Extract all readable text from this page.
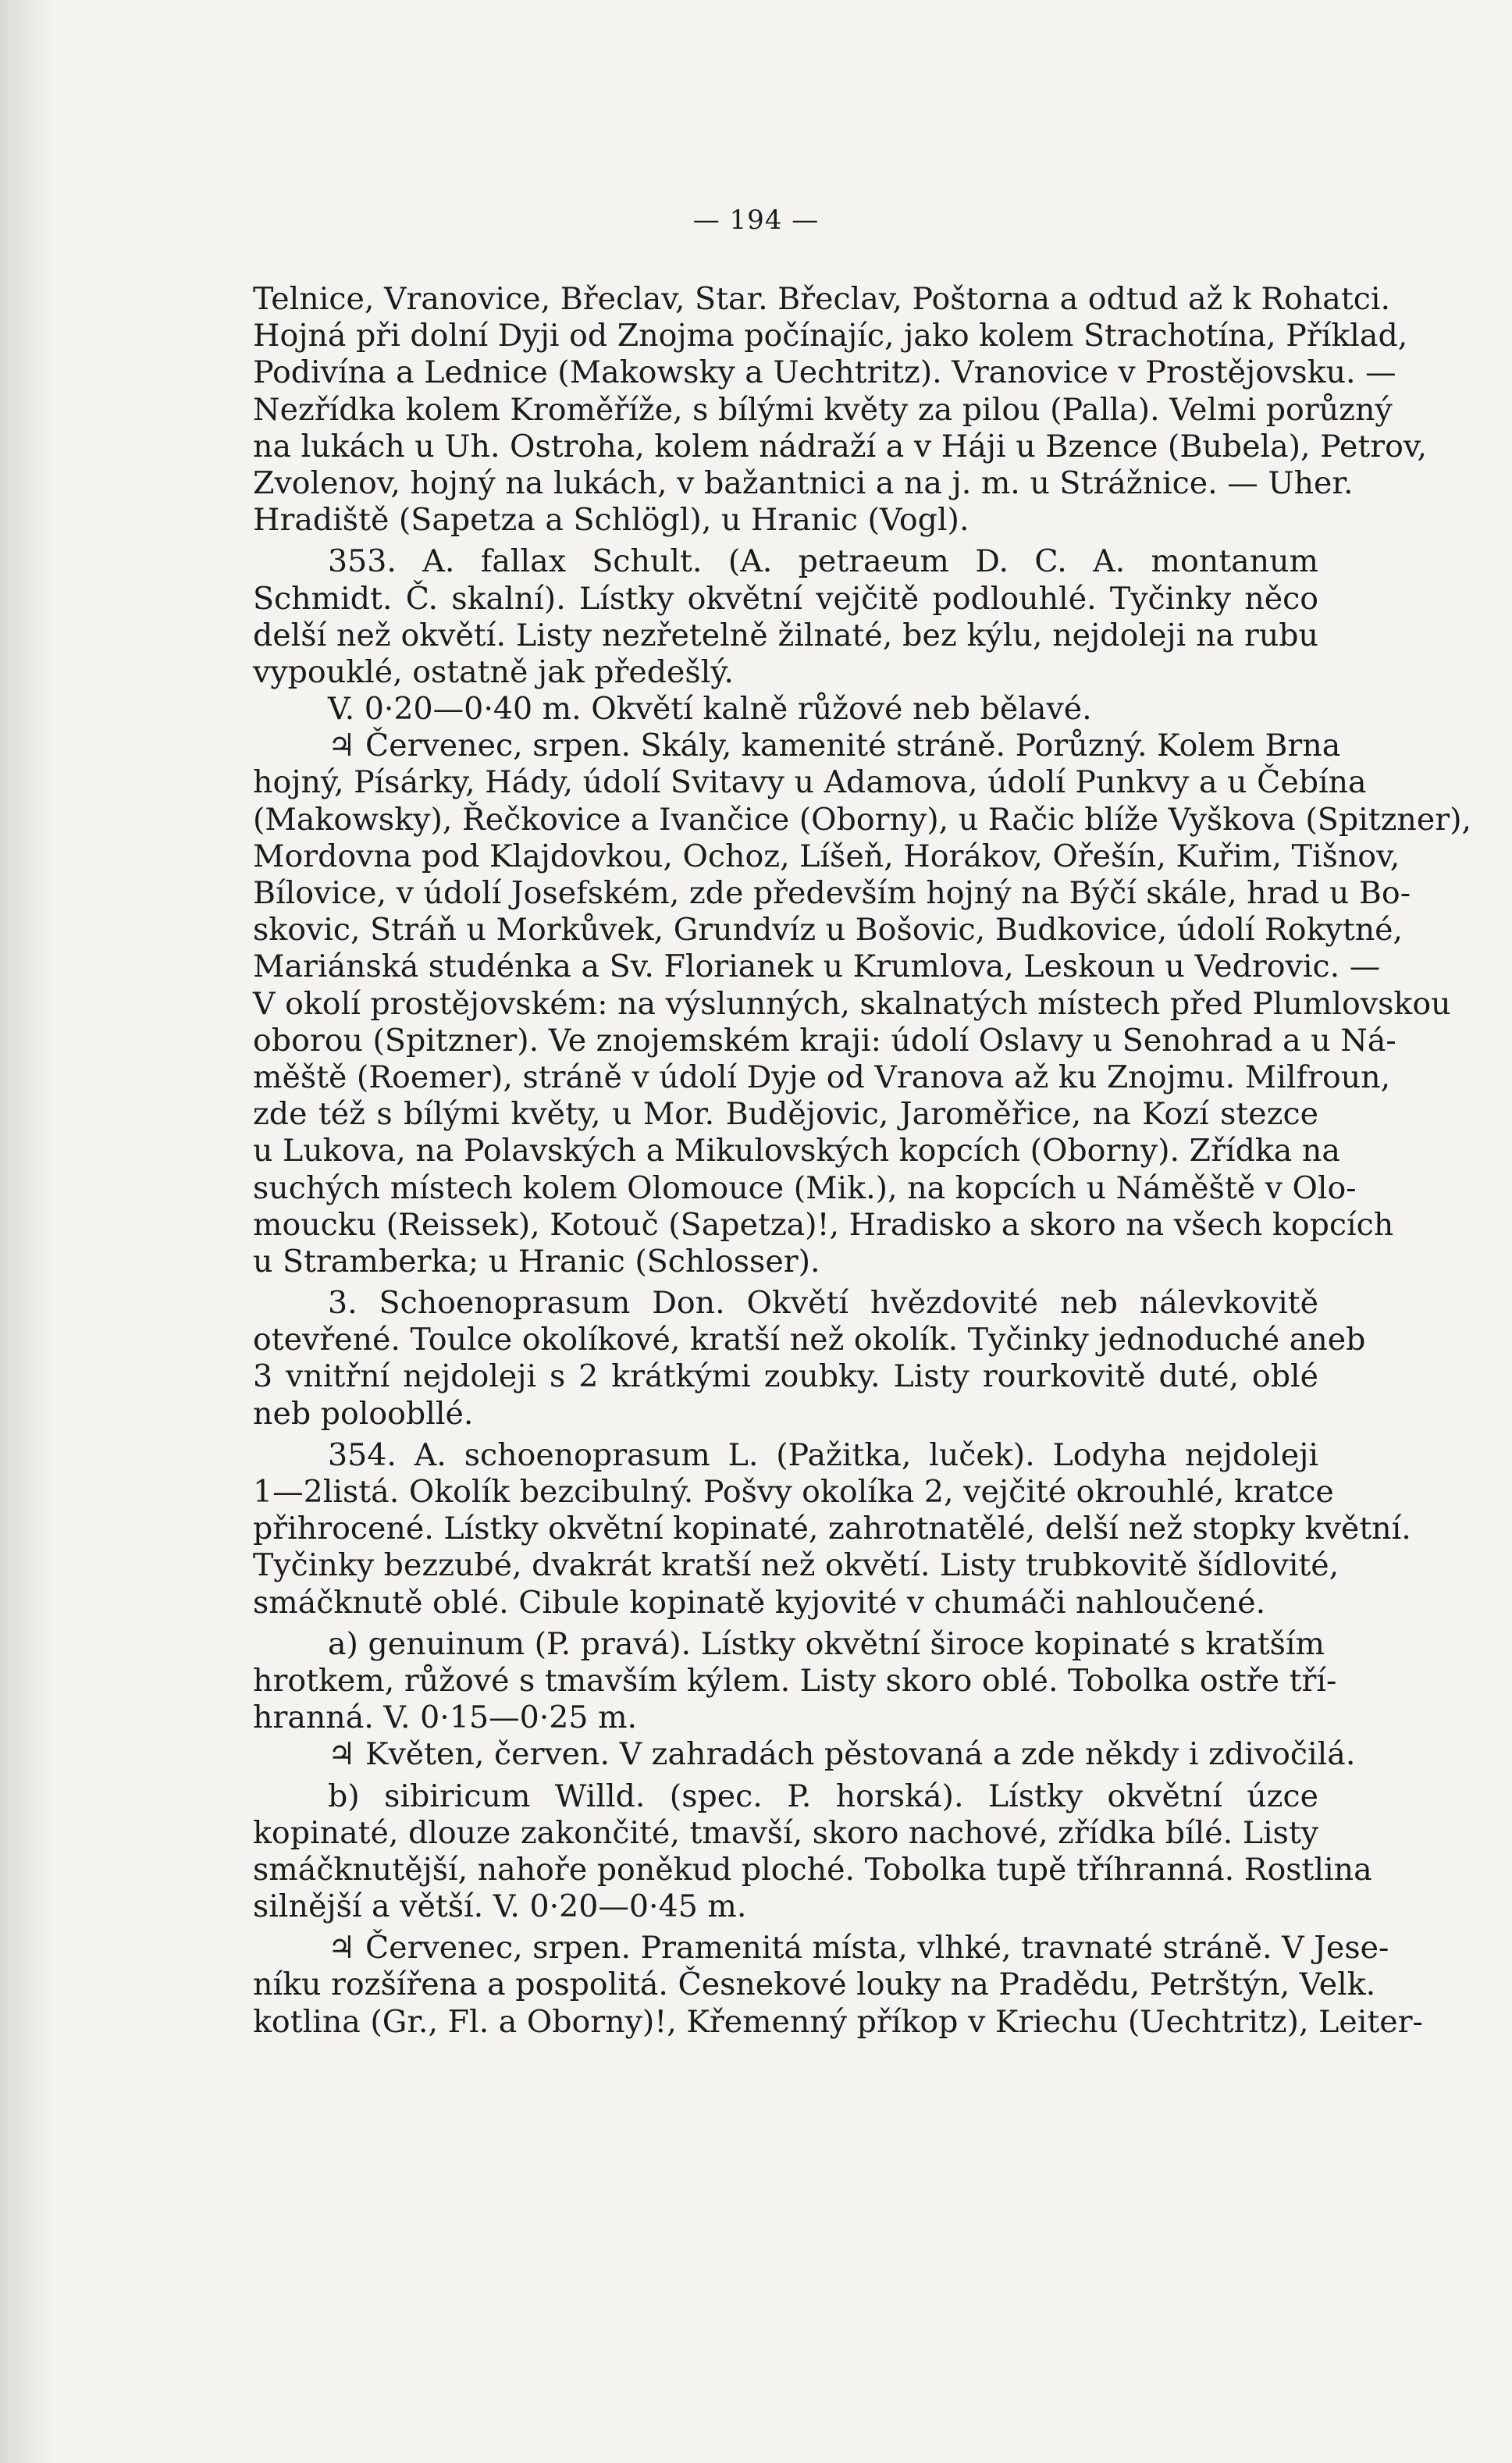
— 194 —
Telnice, Vranovice, Břeclav, Star. Břeclav, Poštorna a odtud až k Rohatci.
Hojná při dolní Dyji od Znojma počínajíc, jako kolem Strachotína, Příklad,
Podivína a Lednice (Makowsky a Uechtritz). Vranovice v Prostějovsku. —
Nezřídka kolem Kroměříže, s bílými květy za pilou (Palla). Velmi porůzný
na lukách u Uh. Ostroha, kolem nádraží a v Háji u Bzence (Bubela), Petrov,
Zvolenov, hojný na lukách, v bažantnici a na j. m. u Strážnice. — Uher.
Hradiště (Sapetza a Schlögl), u Hranic (Vogl).
353. A. fallax Schult. (A. petraeum D. C. A. montanum
Schmidt. Č. skalní). Lístky okvětní vejčitě podlouhlé. Tyčinky něco
delší než okvětí. Listy nezřetelně žilnaté, bez kýlu, nejdoleji na rubu
vypouklé, ostatně jak předešlý.
V. 0·20—0·40 m. Okvětí kalně růžové neb bělavé.
♃ Červenec, srpen. Skály, kamenité stráně. Porůzný. Kolem Brna
hojný, Písárky, Hády, údolí Svitavy u Adamova, údolí Punkvy a u Čebína
(Makowsky), Řečkovice a Ivančice (Oborny), u Račic blíže Vyškova (Spitzner),
Mordovna pod Klajdovkou, Ochoz, Líšeň, Horákov, Ořešín, Kuřim, Tišnov,
Bílovice, v údolí Josefském, zde především hojný na Býčí skále, hrad u Bo-
skovic, Stráň u Morkůvek, Grundvíz u Bošovic, Budkovice, údolí Rokytné,
Mariánská studénka a Sv. Florianek u Krumlova, Leskoun u Vedrovic. —
V okolí prostějovském: na výslunných, skalnatých místech před Plumlovskou
oborou (Spitzner). Ve znojemském kraji: údolí Oslavy u Senohrad a u Ná-
měště (Roemer), stráně v údolí Dyje od Vranova až ku Znojmu. Milfroun,
zde též s bílými květy, u Mor. Budějovic, Jaroměřice, na Kozí stezce
u Lukova, na Polavských a Mikulovských kopcích (Oborny). Zřídka na
suchých místech kolem Olomouce (Mik.), na kopcích u Náměště v Olo-
moucku (Reissek), Kotouč (Sapetza)!, Hradisko a skoro na všech kopcích
u Stramberka; u Hranic (Schlosser).
3. Schoenoprasum Don. Okvětí hvězdovité neb nálevkovitě
otevřené. Toulce okolíkové, kratší než okolík. Tyčinky jednoduché aneb
3 vnitřní nejdoleji s 2 krátkými zoubky. Listy rourkovitě duté, oblé
neb poloobllé.
354. A. schoenoprasum L. (Pažitka, luček). Lodyha nejdoleji
1—2listá. Okolík bezcibulný. Pošvy okolíka 2, vejčité okrouhlé, kratce
přihrocené. Lístky okvětní kopinaté, zahrotnatělé, delší než stopky květní.
Tyčinky bezzubé, dvakrát kratší než okvětí. Listy trubkovitě šídlovité,
smáčknutě oblé. Cibule kopinatě kyjovité v chumáči nahloučené.
a) genuinum (P. pravá). Lístky okvětní široce kopinaté s kratším
hrotkem, růžové s tmavším kýlem. Listy skoro oblé. Tobolka ostře tří-
hranná. V. 0·15—0·25 m.
♃ Květen, červen. V zahradách pěstovaná a zde někdy i zdivočilá.
b) sibiricum Willd. (spec. P. horská). Lístky okvětní úzce
kopinaté, dlouze zakončité, tmavší, skoro nachové, zřídka bílé. Listy
smáčknutější, nahoře poněkud ploché. Tobolka tupě tříhranná. Rostlina
silnější a větší. V. 0·20—0·45 m.
♃ Červenec, srpen. Pramenitá místa, vlhké, travnaté stráně. V Jese-
níku rozšířena a pospolitá. Česnekové louky na Pradědu, Petrštýn, Velk.
kotlina (Gr., Fl. a Oborny)!, Křemenný příkop v Kriechu (Uechtritz), Leiter-
